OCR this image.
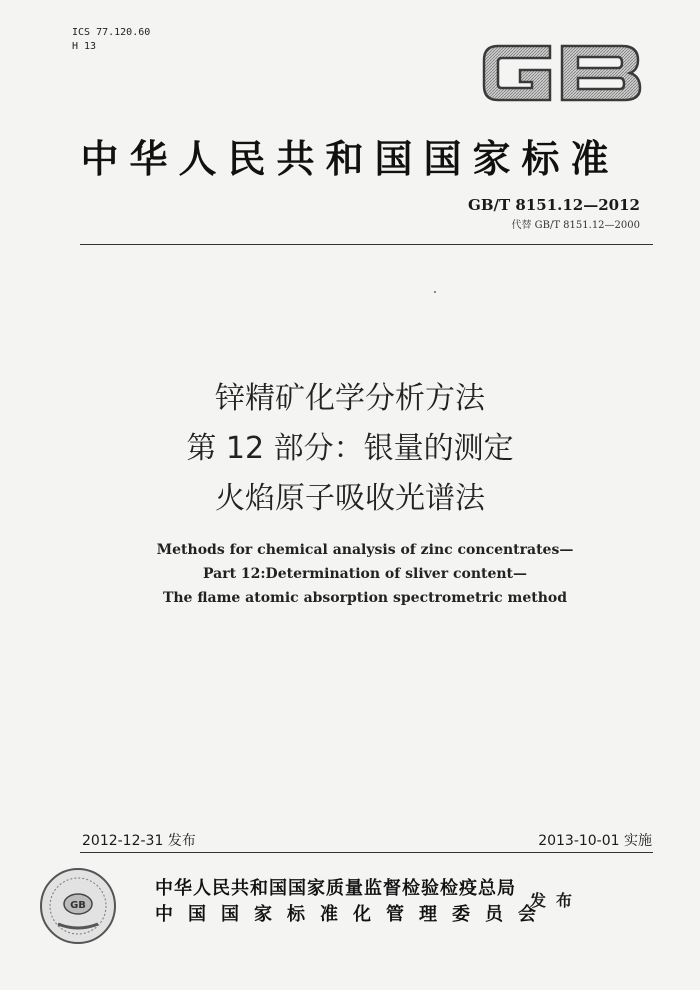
ICS 77.120.60
H 13
中华人民共和国国家标准
GB/T 8151.12—2012
代替 GB/T 8151.12—2000
锌精矿化学分析方法
第 12 部分：银量的测定
火焰原子吸收光谱法
Methods for chemical analysis of zinc concentrates—
Part 12:Determination of sliver content—
The flame atomic absorption spectrometric method
2012-12-31 发布	2013-10-01 实施
GB
中华人民共和国国家质量监督检验检疫总局
中国国家标准化管理委员会
发布
